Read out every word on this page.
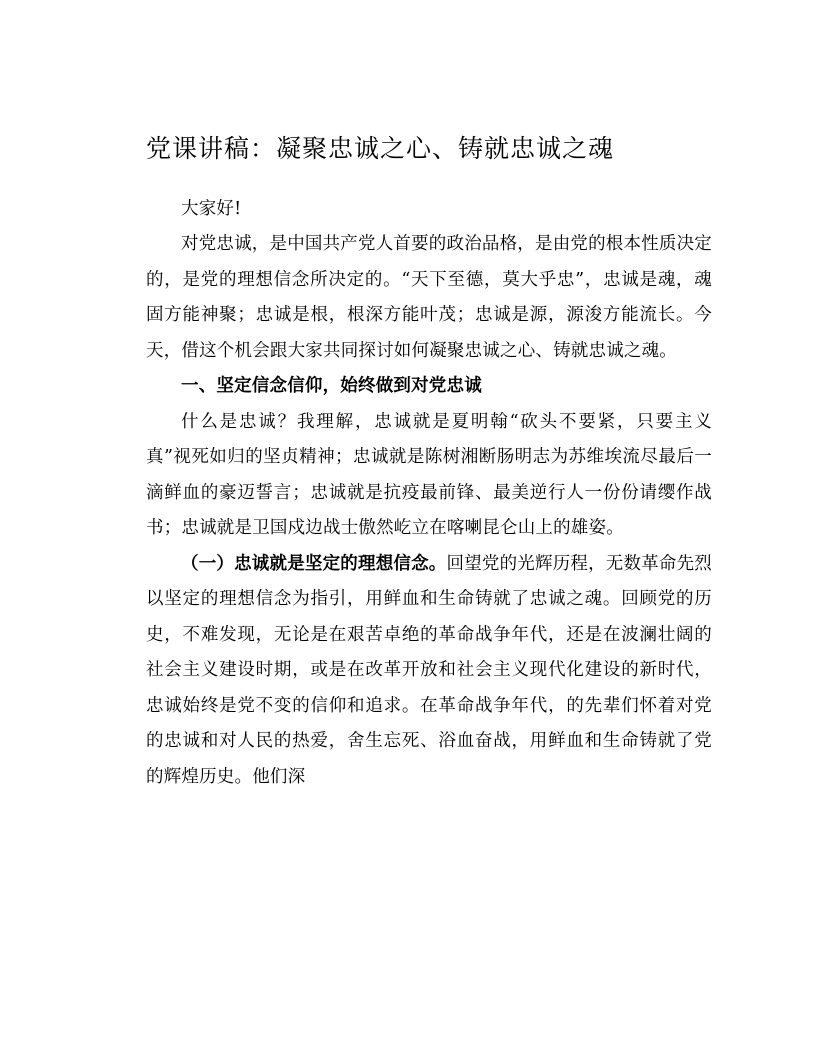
党课讲稿：凝聚忠诚之心、铸就忠诚之魂

大家好!

对党忠诚，是中国共产党人首要的政治品格，是由党的根本性质决定的，是党的理想信念所决定的。“天下至德，莫大乎忠”，忠诚是魂，魂固方能神聚；忠诚是根，根深方能叶茂；忠诚是源，源浚方能流长。今天，借这个机会跟大家共同探讨如何凝聚忠诚之心、铸就忠诚之魂。

一、坚定信念信仰，始终做到对党忠诚

什么是忠诚？我理解，忠诚就是夏明翰“砍头不要紧，只要主义真”视死如归的坚贞精神；忠诚就是陈树湘断肠明志为苏维埃流尽最后一滴鲜血的豪迈誓言；忠诚就是抗疫最前锋、最美逆行人一份份请缨作战书；忠诚就是卫国戍边战士傲然屹立在喀喇昆仑山上的雄姿。

（一）忠诚就是坚定的理想信念。回望党的光辉历程，无数革命先烈以坚定的理想信念为指引，用鲜血和生命铸就了忠诚之魂。回顾党的历史，不难发现，无论是在艰苦卓绝的革命战争年代，还是在波澜壮阔的社会主义建设时期，或是在改革开放和社会主义现代化建设的新时代，忠诚始终是党不变的信仰和追求。在革命战争年代，的先辈们怀着对党的忠诚和对人民的热爱，舍生忘死、浴血奋战，用鲜血和生命铸就了党的辉煌历史。他们深
